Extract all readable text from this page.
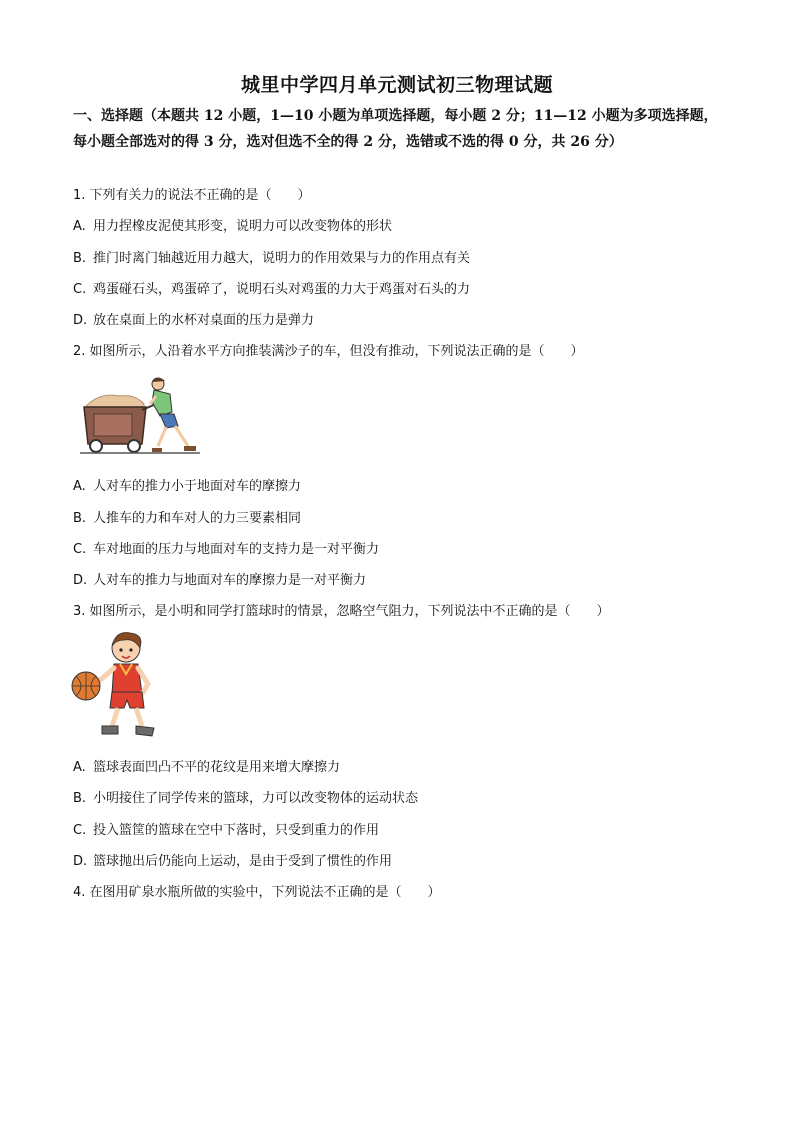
城里中学四月单元测试初三物理试题
一、选择题（本题共 12 小题，1—10 小题为单项选择题，每小题 2 分；11—12 小题为多项选择题，每小题全部选对的得 3 分，选对但选不全的得 2 分，选错或不选的得 0 分，共 26 分）
1. 下列有关力的说法不正确的是（　　）
A. 用力捏橡皮泥使其形变，说明力可以改变物体的形状
B. 推门时离门轴越近用力越大，说明力的作用效果与力的作用点有关
C. 鸡蛋碰石头，鸡蛋碎了，说明石头对鸡蛋的力大于鸡蛋对石头的力
D. 放在桌面上的水杯对桌面的压力是弹力
2. 如图所示，人沿着水平方向推装满沙子的车，但没有推动，下列说法正确的是（　　）
A. 人对车的推力小于地面对车的摩擦力
B. 人推车的力和车对人的力三要素相同
C. 车对地面的压力与地面对车的支持力是一对平衡力
D. 人对车的推力与地面对车的摩擦力是一对平衡力
3. 如图所示，是小明和同学打篮球时的情景，忽略空气阻力，下列说法中不正确的是（　　）
A. 篮球表面凹凸不平的花纹是用来增大摩擦力
B. 小明接住了同学传来的篮球，力可以改变物体的运动状态
C. 投入篮筐的篮球在空中下落时，只受到重力的作用
D. 篮球抛出后仍能向上运动，是由于受到了惯性的作用
4. 在图用矿泉水瓶所做的实验中，下列说法不正确的是（　　）
